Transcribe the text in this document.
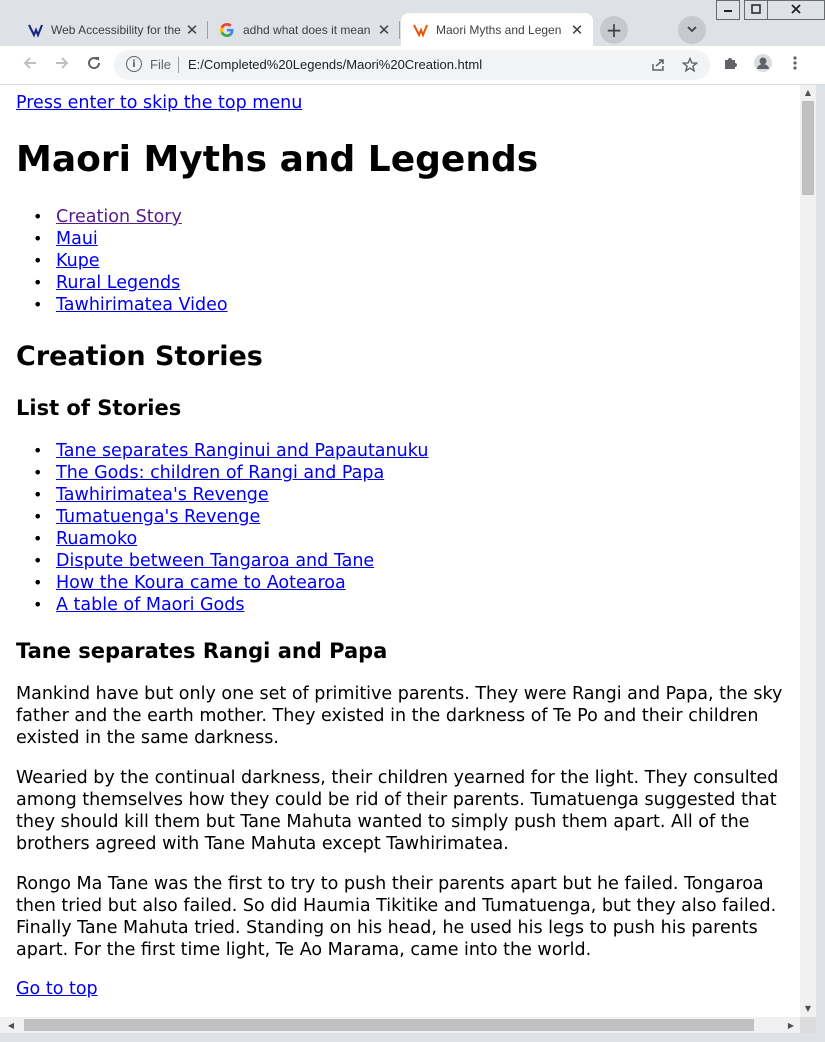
Web Accessibility for the ✕	adhd what does it mean ✕	Maori Myths and Legen ✕ +
i	File E:/Completed%20Legends/Maori%20Creation.html
Press enter to skip the top menu
Maori Myths and Legends
• Creation Story
• Maui
• Kupe
• Rural Legends
• Tawhirimatea Video
Creation Stories
List of Stories
• Tane separates Ranginui and Papautanuku
• The Gods: children of Rangi and Papa
• Tawhirimatea's Revenge
• Tumatuenga's Revenge
• Ruamoko
• Dispute between Tangaroa and Tane
• How the Koura came to Aotearoa
• A table of Maori Gods
Tane separates Rangi and Papa

Mankind have but only one set of primitive parents. They were Rangi and Papa, the sky father and the earth mother. They existed in the darkness of Te Po and their children existed in the same darkness.

Wearied by the continual darkness, their children yearned for the light. They consulted among themselves how they could be rid of their parents. Tumatuenga suggested that they should kill them but Tane Mahuta wanted to simply push them apart. All of the brothers agreed with Tane Mahuta except Tawhirimatea.

Rongo Ma Tane was the first to try to push their parents apart but he failed. Tongaroa then tried but also failed. So did Haumia Tikitike and Tumatuenga, but they also failed. Finally Tane Mahuta tried. Standing on his head, he used his legs to push his parents apart. For the first time light, Te Ao Marama, came into the world.

Go to top
▲
▼
◀	▶
